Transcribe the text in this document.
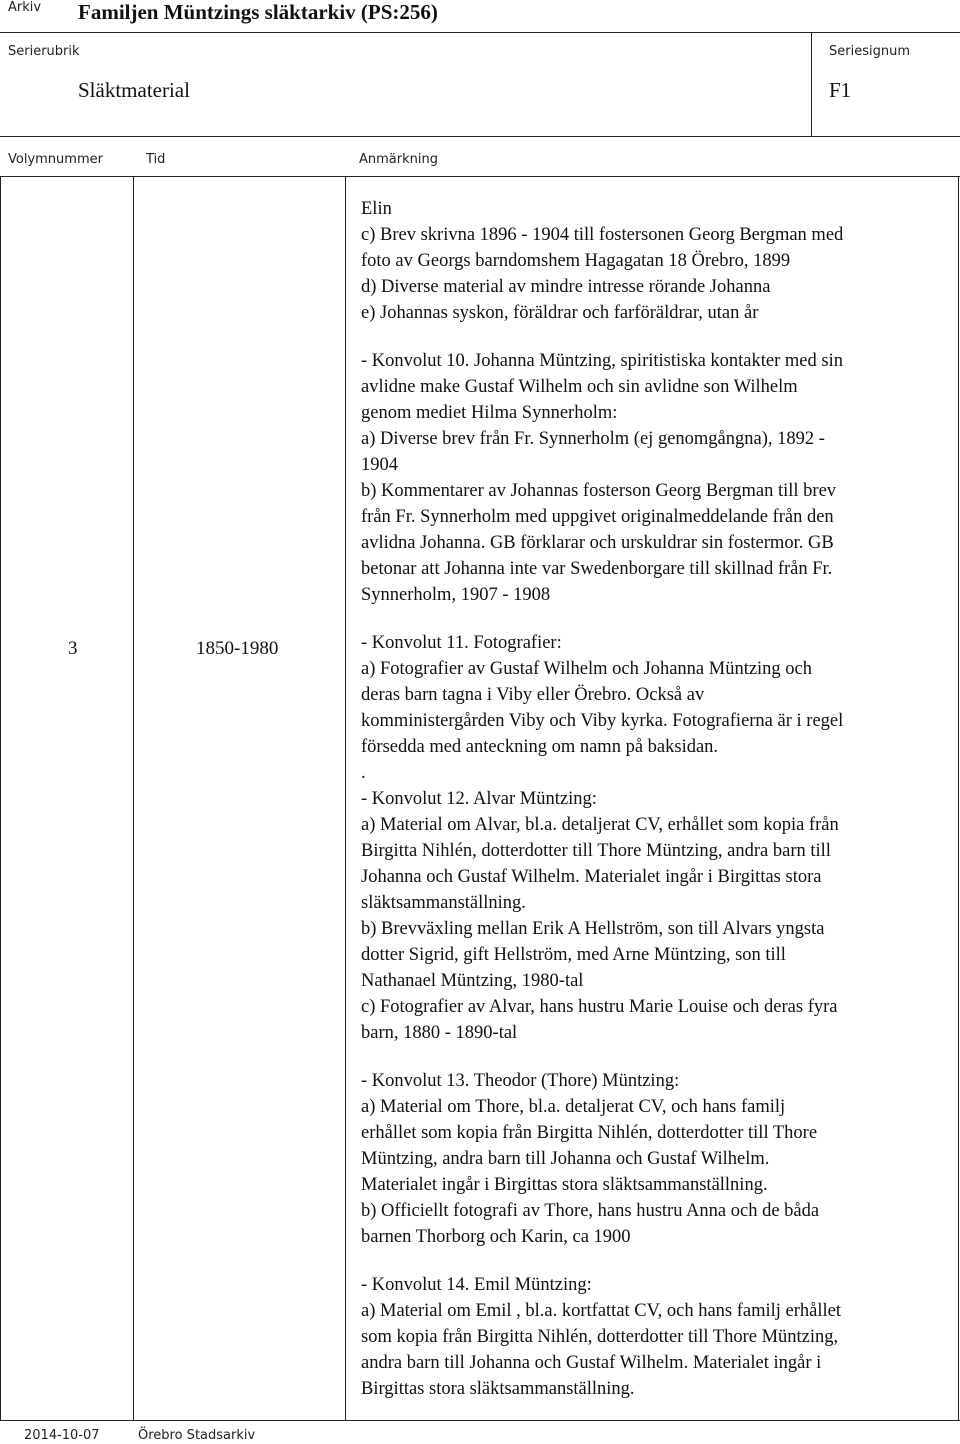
Arkiv Familjen Müntzings släktarkiv (PS:256)
Serierubrik
Släktmaterial
Seriesignum
F1
Volymnummer	Tid	Anmärkning
3	1850-1980
Elin
c) Brev skrivna 1896 - 1904 till fostersonen Georg Bergman med
foto av Georgs barndomshem Hagagatan 18 Örebro, 1899
d) Diverse material av mindre intresse rörande Johanna
e) Johannas syskon, föräldrar och farföräldrar, utan år
- Konvolut 10. Johanna Müntzing, spiritistiska kontakter med sin
avlidne make Gustaf Wilhelm och sin avlidne son Wilhelm
genom mediet Hilma Synnerholm:
a) Diverse brev från Fr. Synnerholm (ej genomgångna), 1892 -
1904
b) Kommentarer av Johannas fosterson Georg Bergman till brev
från Fr. Synnerholm med uppgivet originalmeddelande från den
avlidna Johanna. GB förklarar och urskuldrar sin fostermor. GB
betonar att Johanna inte var Swedenborgare till skillnad från Fr.
Synnerholm, 1907 - 1908
- Konvolut 11. Fotografier:
a) Fotografier av Gustaf Wilhelm och Johanna Müntzing och
deras barn tagna i Viby eller Örebro. Också av
komministergården Viby och Viby kyrka. Fotografierna är i regel
försedda med anteckning om namn på baksidan.
.
- Konvolut 12. Alvar Müntzing:
a) Material om Alvar, bl.a. detaljerat CV, erhållet som kopia från
Birgitta Nihlén, dotterdotter till Thore Müntzing, andra barn till
Johanna och Gustaf Wilhelm. Materialet ingår i Birgittas stora
släktsammanställning.
b) Brevväxling mellan Erik A Hellström, son till Alvars yngsta
dotter Sigrid, gift Hellström, med Arne Müntzing, son till
Nathanael Müntzing, 1980-tal
c) Fotografier av Alvar, hans hustru Marie Louise och deras fyra
barn, 1880 - 1890-tal
- Konvolut 13. Theodor (Thore) Müntzing:
a) Material om Thore, bl.a. detaljerat CV, och hans familj
erhållet som kopia från Birgitta Nihlén, dotterdotter till Thore
Müntzing, andra barn till Johanna och Gustaf Wilhelm.
Materialet ingår i Birgittas stora släktsammanställning.
b) Officiellt fotografi av Thore, hans hustru Anna och de båda
barnen Thorborg och Karin, ca 1900
- Konvolut 14. Emil Müntzing:
a) Material om Emil , bl.a. kortfattat CV, och hans familj erhållet
som kopia från Birgitta Nihlén, dotterdotter till Thore Müntzing,
andra barn till Johanna och Gustaf Wilhelm. Materialet ingår i
Birgittas stora släktsammanställning.
2014-10-07	Örebro Stadsarkiv
